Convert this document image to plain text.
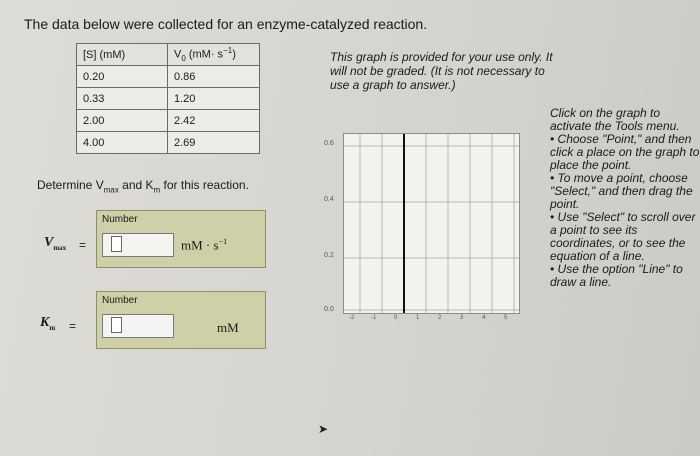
The data below were collected for an enzyme-catalyzed reaction.
[S] (mM)	$V_0$ $(mM\cdot s^{-1})$
0.20	0.86
0.33	1.20
2.00	2.42
4.00	2.69
This graph is provided for your use only. It will not be graded. (It is not necessary to use a graph to answer.)
Determine $V_{max}$ and $K_m$ for this reaction.
$V_{max}$ =
Number
mM · $s^{-1}$
$K_m$ =
Number
mM
0.6
0.4
0.2
0.0
-2	-1	0	1	2	3	4	5

Click on the graph to activate the Tools menu.

• Choose "Point," and then click a place on the graph to place the point.

• To move a point, choose "Select," and then drag the point.

• Use "Select" to scroll over a point to see its coordinates, or to see the equation of a line.

• Use the option "Line" to draw a line.

➤
